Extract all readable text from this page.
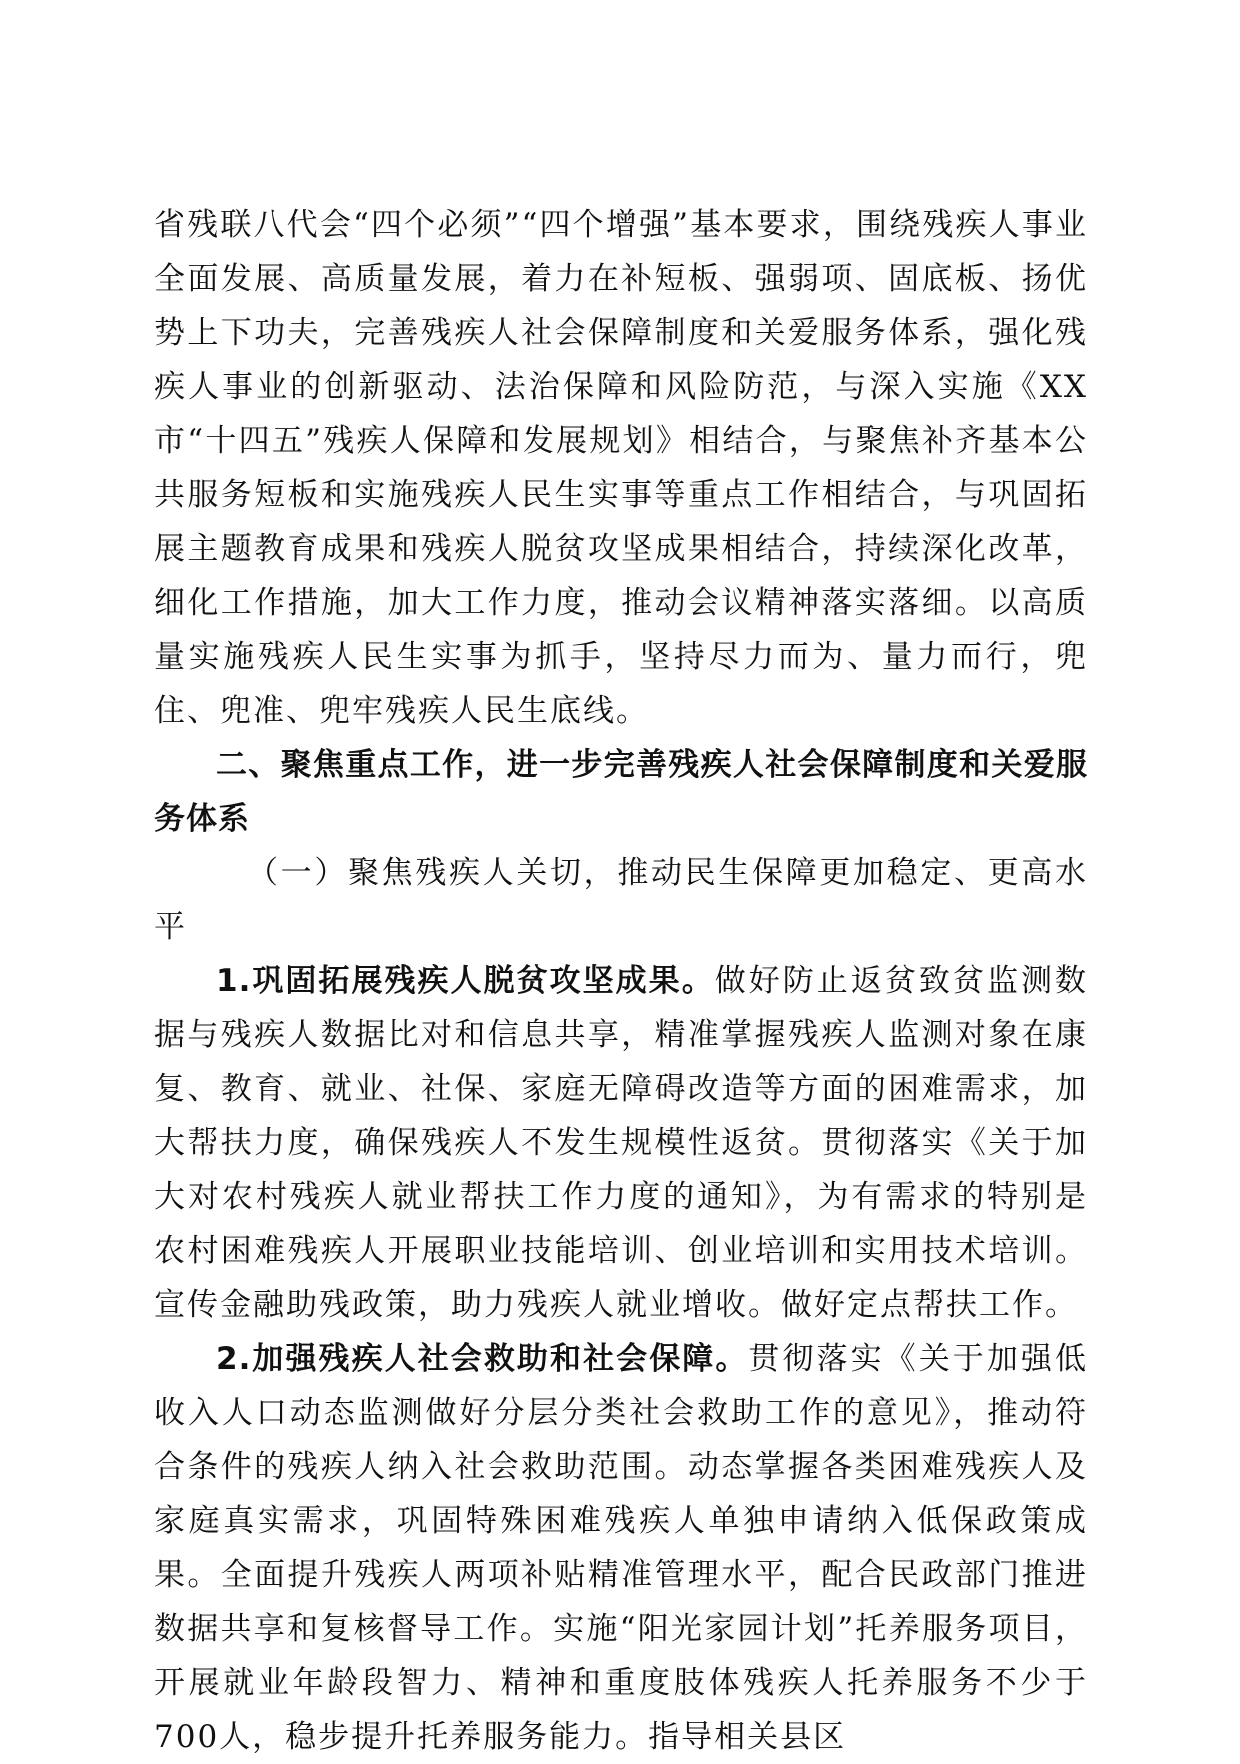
省残联八代会“四个必须”“四个增强”基本要求，围绕残疾人事业全面发展、高质量发展，着力在补短板、强弱项、固底板、扬优势上下功夫，完善残疾人社会保障制度和关爱服务体系，强化残疾人事业的创新驱动、法治保障和风险防范，与深入实施《XX市“十四五”残疾人保障和发展规划》相结合，与聚焦补齐基本公共服务短板和实施残疾人民生实事等重点工作相结合，与巩固拓展主题教育成果和残疾人脱贫攻坚成果相结合，持续深化改革，细化工作措施，加大工作力度，推动会议精神落实落细。以高质量实施残疾人民生实事为抓手，坚持尽力而为、量力而行，兜住、兜准、兜牢残疾人民生底线。

二、聚焦重点工作，进一步完善残疾人社会保障制度和关爱服务体系

（一）聚焦残疾人关切，推动民生保障更加稳定、更高水平

1.巩固拓展残疾人脱贫攻坚成果。做好防止返贫致贫监测数据与残疾人数据比对和信息共享，精准掌握残疾人监测对象在康复、教育、就业、社保、家庭无障碍改造等方面的困难需求，加大帮扶力度，确保残疾人不发生规模性返贫。贯彻落实《关于加大对农村残疾人就业帮扶工作力度的通知》，为有需求的特别是农村困难残疾人开展职业技能培训、创业培训和实用技术培训。宣传金融助残政策，助力残疾人就业增收。做好定点帮扶工作。

2.加强残疾人社会救助和社会保障。贯彻落实《关于加强低收入人口动态监测做好分层分类社会救助工作的意见》，推动符合条件的残疾人纳入社会救助范围。动态掌握各类困难残疾人及家庭真实需求，巩固特殊困难残疾人单独申请纳入低保政策成果。全面提升残疾人两项补贴精准管理水平，配合民政部门推进数据共享和复核督导工作。实施“阳光家园计划”托养服务项目，开展就业年龄段智力、精神和重度肢体残疾人托养服务不少于700人，稳步提升托养服务能力。指导相关县区
